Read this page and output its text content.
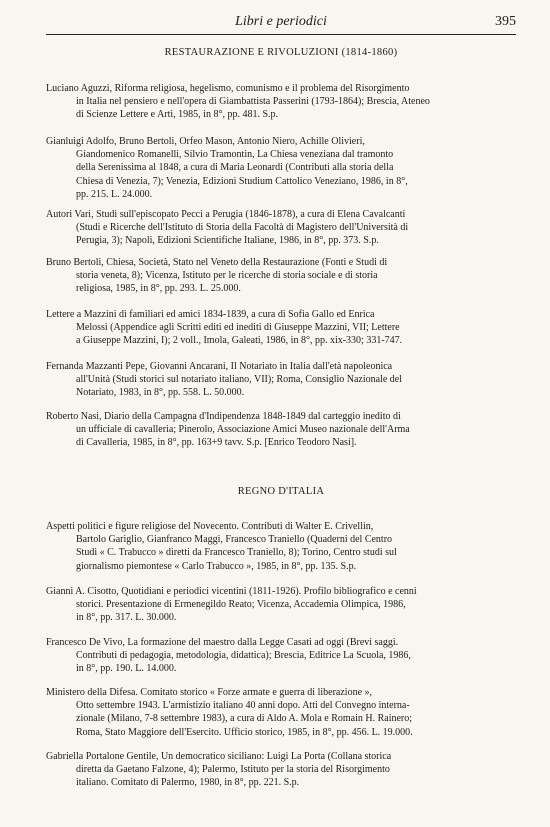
Libri e periodici	395
RESTAURAZIONE E RIVOLUZIONI (1814-1860)
Luciano Aguzzi, Riforma religiosa, hegelismo, comunismo e il problema del Risorgimento
in Italia nel pensiero e nell'opera di Giambattista Passerini (1793-1864); Brescia, Ateneo
di Scienze Lettere e Arti, 1985, in 8°, pp. 481. S.p.
Gianluigi Adolfo, Bruno Bertoli, Orfeo Mason, Antonio Niero, Achille Olivieri,
Giandomenico Romanelli, Silvio Tramontin, La Chiesa veneziana dal tramonto
della Serenissima al 1848, a cura di Maria Leonardi (Contributi alla storia della
Chiesa di Venezia, 7); Venezia, Edizioni Studium Cattolico Veneziano, 1986, in 8°,
pp. 215. L. 24.000.
Autori Vari, Studi sull'episcopato Pecci a Perugia (1846-1878), a cura di Elena Cavalcanti
(Studi e Ricerche dell'Istituto di Storia della Facoltà di Magistero dell'Università di
Perugia, 3); Napoli, Edizioni Scientifiche Italiane, 1986, in 8°, pp. 373. S.p.
Bruno Bertoli, Chiesa, Società, Stato nel Veneto della Restaurazione (Fonti e Studi di
storia veneta, 8); Vicenza, Istituto per le ricerche di storia sociale e di storia
religiosa, 1985, in 8°, pp. 293. L. 25.000.
Lettere a Mazzini di familiari ed amici 1834-1839, a cura di Sofia Gallo ed Enrica
Melossi (Appendice agli Scritti editi ed inediti di Giuseppe Mazzini, VII; Lettere
a Giuseppe Mazzini, I); 2 voll., Imola, Galeati, 1986, in 8°, pp. xix-330; 331-747.
Fernanda Mazzanti Pepe, Giovanni Ancarani, Il Notariato in Italia dall'età napoleonica
all'Unità (Studi storici sul notariato italiano, VII); Roma, Consiglio Nazionale del
Notariato, 1983, in 8°, pp. 558. L. 50.000.
Roberto Nasi, Diario della Campagna d'Indipendenza 1848-1849 dal carteggio inedito di
un ufficiale di cavalleria; Pinerolo, Associazione Amici Museo nazionale dell'Arma
di Cavalleria, 1985, in 8°, pp. 163+9 tavv. S.p. [Enrico Teodoro Nasi].
REGNO D'ITALIA
Aspetti politici e figure religiose del Novecento. Contributi di Walter E. Crivellin,
Bartolo Gariglio, Gianfranco Maggi, Francesco Traniello (Quaderni del Centro
Studi « C. Trabucco » diretti da Francesco Traniello, 8); Torino, Centro studi sul
giornalismo piemontese « Carlo Trabucco », 1985, in 8°, pp. 135. S.p.
Gianni A. Cisotto, Quotidiani e periodici vicentini (1811-1926). Profilo bibliografico e cenni
storici. Presentazione di Ermenegildo Reato; Vicenza, Accademia Olimpica, 1986,
in 8°, pp. 317. L. 30.000.
Francesco De Vivo, La formazione del maestro dalla Legge Casati ad oggi (Brevi saggi.
Contributi di pedagogia, metodologia, didattica); Brescia, Editrice La Scuola, 1986,
in 8°, pp. 190. L. 14.000.
Ministero della Difesa. Comitato storico « Forze armate e guerra di liberazione »,
Otto settembre 1943. L'armistizio italiano 40 anni dopo. Atti del Convegno interna-
zionale (Milano, 7-8 settembre 1983), a cura di Aldo A. Mola e Romain H. Rainero;
Roma, Stato Maggiore dell'Esercito. Ufficio storico, 1985, in 8°, pp. 456. L. 19.000.
Gabriella Portalone Gentile, Un democratico siciliano: Luigi La Porta (Collana storica
diretta da Gaetano Falzone, 4); Palermo, Istituto per la storia del Risorgimento
italiano. Comitato di Palermo, 1980, in 8°, pp. 221. S.p.
